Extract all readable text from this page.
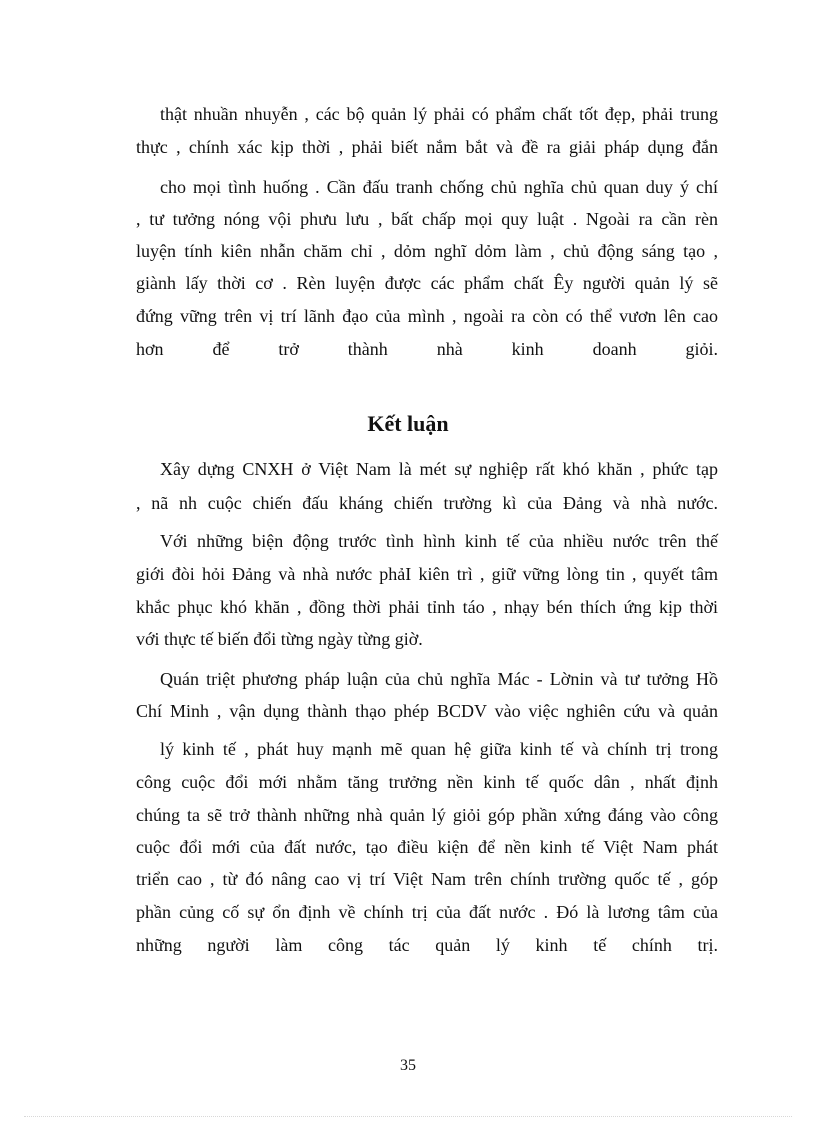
thật nhuần nhuyễn , các bộ quản lý phải có phẩm chất tốt đẹp, phải trung
thực , chính xác kịp thời , phải biết nắm bắt và đề ra giải pháp dụng đắn
cho mọi tình huống . Cần đấu tranh chống chủ nghĩa chủ quan duy ý chí
, tư tưởng nóng vội phưu lưu , bất chấp mọi quy luật . Ngoài ra cần rèn
luyện tính kiên nhẫn chăm chỉ , dỏm nghĩ dỏm làm , chủ động sáng tạo ,
giành lấy thời cơ . Rèn luyện được các phẩm chất Êy người quản lý sẽ
đứng vững trên vị trí lãnh đạo của mình , ngoài ra còn có thể vươn lên cao
hơn để trở thành nhà kinh doanh giỏi.
Kết luận
Xây dựng CNXH ở Việt Nam là mét sự nghiệp rất khó khăn , phức tạp
, nã nh cuộc chiến đấu kháng chiến trường kì của Đảng và nhà nước.
Với những biện động trước tình hình kinh tế của nhiều nước trên thế
giới đòi hỏi Đảng và nhà nước phảI kiên trì , giữ vững lòng tin , quyết tâm
khắc phục khó khăn , đồng thời phải tỉnh táo , nhạy bén thích ứng kịp thời
với thực tế biến đổi từng ngày từng giờ.
Quán triệt phương pháp luận của chủ nghĩa Mác - Lờnin và tư tưởng Hồ
Chí Minh , vận dụng thành thạo phép BCDV vào việc nghiên cứu và quản
lý kinh tế , phát huy mạnh mẽ quan hệ giữa kinh tế và chính trị trong
công cuộc đổi mới nhằm tăng trưởng nền kinh tế quốc dân , nhất định
chúng ta sẽ trở thành những nhà quản lý giỏi góp phần xứng đáng vào công
cuộc đổi mới của đất nước, tạo điều kiện để nền kinh tế Việt Nam phát
triển cao , từ đó nâng cao vị trí Việt Nam trên chính trường quốc tế , góp
phần củng cố sự ổn định về chính trị của đất nước . Đó là lương tâm của
những người làm công tác quản lý kinh tế chính trị.
35
